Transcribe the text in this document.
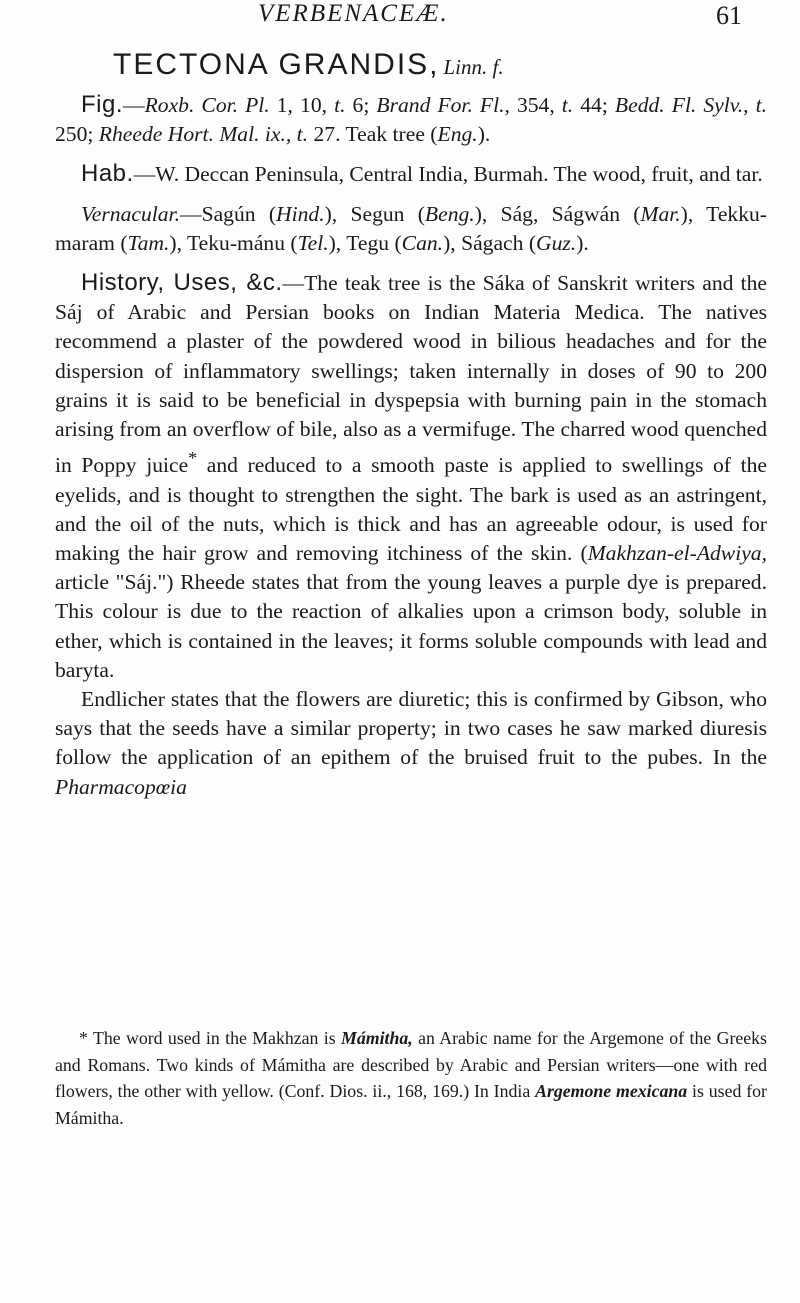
VERBENACEÆ.	61
TECTONA GRANDIS, Linn. f.

Fig.—Roxb. Cor. Pl. 1, 10, t. 6; Brand For. Fl., 354, t. 44; Bedd. Fl. Sylv., t. 250; Rheede Hort. Mal. ix., t. 27. Teak tree (Eng.).

Hab.—W. Deccan Peninsula, Central India, Burmah. The wood, fruit, and tar.

Vernacular.—Sagún (Hind.), Segun (Beng.), Ság, Ságwán (Mar.), Tekku-maram (Tam.), Teku-mánu (Tel.), Tegu (Can.), Ságach (Guz.).

History, Uses, &c.—The teak tree is the Sáka of Sanskrit writers and the Sáj of Arabic and Persian books on Indian Materia Medica. The natives recommend a plaster of the powdered wood in bilious headaches and for the dispersion of inflammatory swellings; taken internally in doses of 90 to 200 grains it is said to be beneficial in dyspepsia with burning pain in the stomach arising from an overflow of bile, also as a vermifuge. The charred wood quenched in Poppy juice* and reduced to a smooth paste is applied to swellings of the eyelids, and is thought to strengthen the sight. The bark is used as an astringent, and the oil of the nuts, which is thick and has an agreeable odour, is used for making the hair grow and removing itchiness of the skin. (Makhzan-el-Adwiya, article "Sáj.") Rheede states that from the young leaves a purple dye is prepared. This colour is due to the reaction of alkalies upon a crimson body, soluble in ether, which is contained in the leaves; it forms soluble compounds with lead and baryta.

Endlicher states that the flowers are diuretic; this is confirmed by Gibson, who says that the seeds have a similar property; in two cases he saw marked diuresis follow the application of an epithem of the bruised fruit to the pubes. In the Pharmacopœia

* The word used in the Makhzan is Mámitha, an Arabic name for the Argemone of the Greeks and Romans. Two kinds of Mámitha are described by Arabic and Persian writers—one with red flowers, the other with yellow. (Conf. Dios. ii., 168, 169.) In India Argemone mexicana is used for Mámitha.
